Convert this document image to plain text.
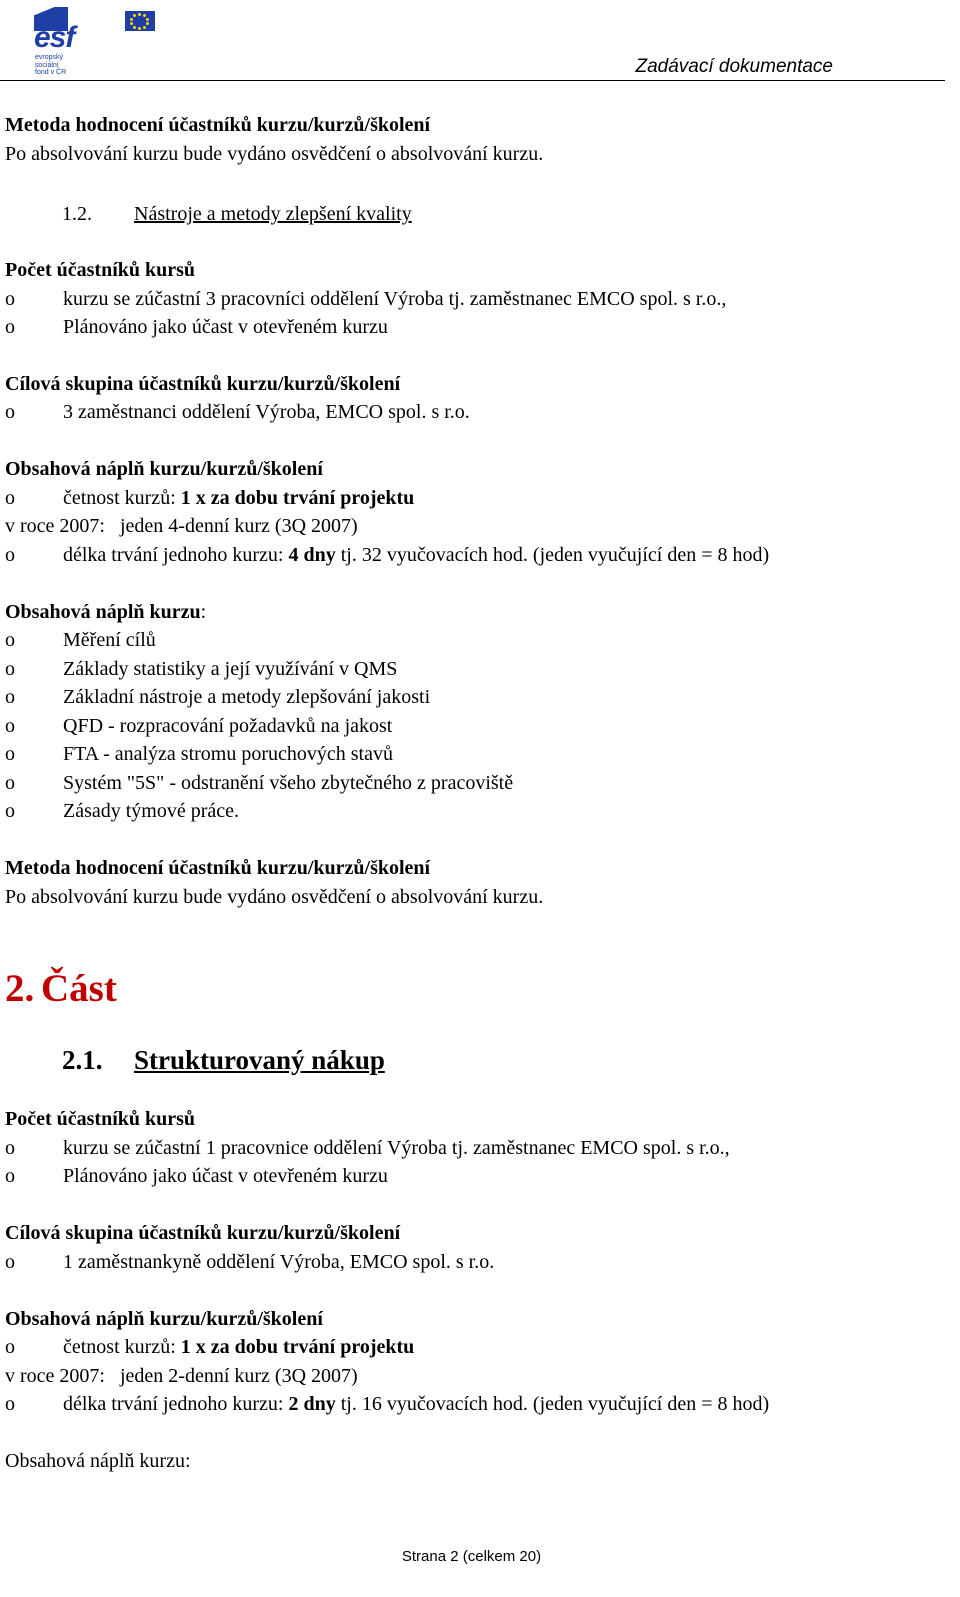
esf
evropský
sociální
fond v ČR	Zadávací dokumentace
Metoda hodnocení účastníků kurzu/kurzů/školení
Po absolvování kurzu bude vydáno osvědčení o absolvování kurzu.
1.2. Nástroje a metody zlepšení kvality
Počet účastníků kursů
o kurzu se zúčastní 3 pracovníci oddělení Výroba tj. zaměstnanec EMCO spol. s r.o.,
o Plánováno jako účast v otevřeném kurzu
Cílová skupina účastníků kurzu/kurzů/školení
o 3 zaměstnanci oddělení Výroba, EMCO spol. s r.o.
Obsahová náplň kurzu/kurzů/školení
o četnost kurzů: 1 x za dobu trvání projektu
v roce 2007:   jeden 4-denní kurz (3Q 2007)
o délka trvání jednoho kurzu: 4 dny tj. 32 vyučovacích hod. (jeden vyučující den = 8 hod)
Obsahová náplň kurzu:
o Měření cílů
o Základy statistiky a její využívání v QMS
o Základní nástroje a metody zlepšování jakosti
o QFD - rozpracování požadavků na jakost
o FTA - analýza stromu poruchových stavů
o Systém "5S" - odstranění všeho zbytečného z pracoviště
o Zásady týmové práce.
Metoda hodnocení účastníků kurzu/kurzů/školení
Po absolvování kurzu bude vydáno osvědčení o absolvování kurzu.
2. Část
2.1. Strukturovaný nákup
Počet účastníků kursů
o kurzu se zúčastní 1 pracovnice oddělení Výroba tj. zaměstnanec EMCO spol. s r.o.,
o Plánováno jako účast v otevřeném kurzu
Cílová skupina účastníků kurzu/kurzů/školení
o 1 zaměstnankyně oddělení Výroba, EMCO spol. s r.o.
Obsahová náplň kurzu/kurzů/školení
o četnost kurzů: 1 x za dobu trvání projektu
v roce 2007:   jeden 2-denní kurz (3Q 2007)
o délka trvání jednoho kurzu: 2 dny tj. 16 vyučovacích hod. (jeden vyučující den = 8 hod)
Obsahová náplň kurzu:
Strana 2 (celkem 20)
